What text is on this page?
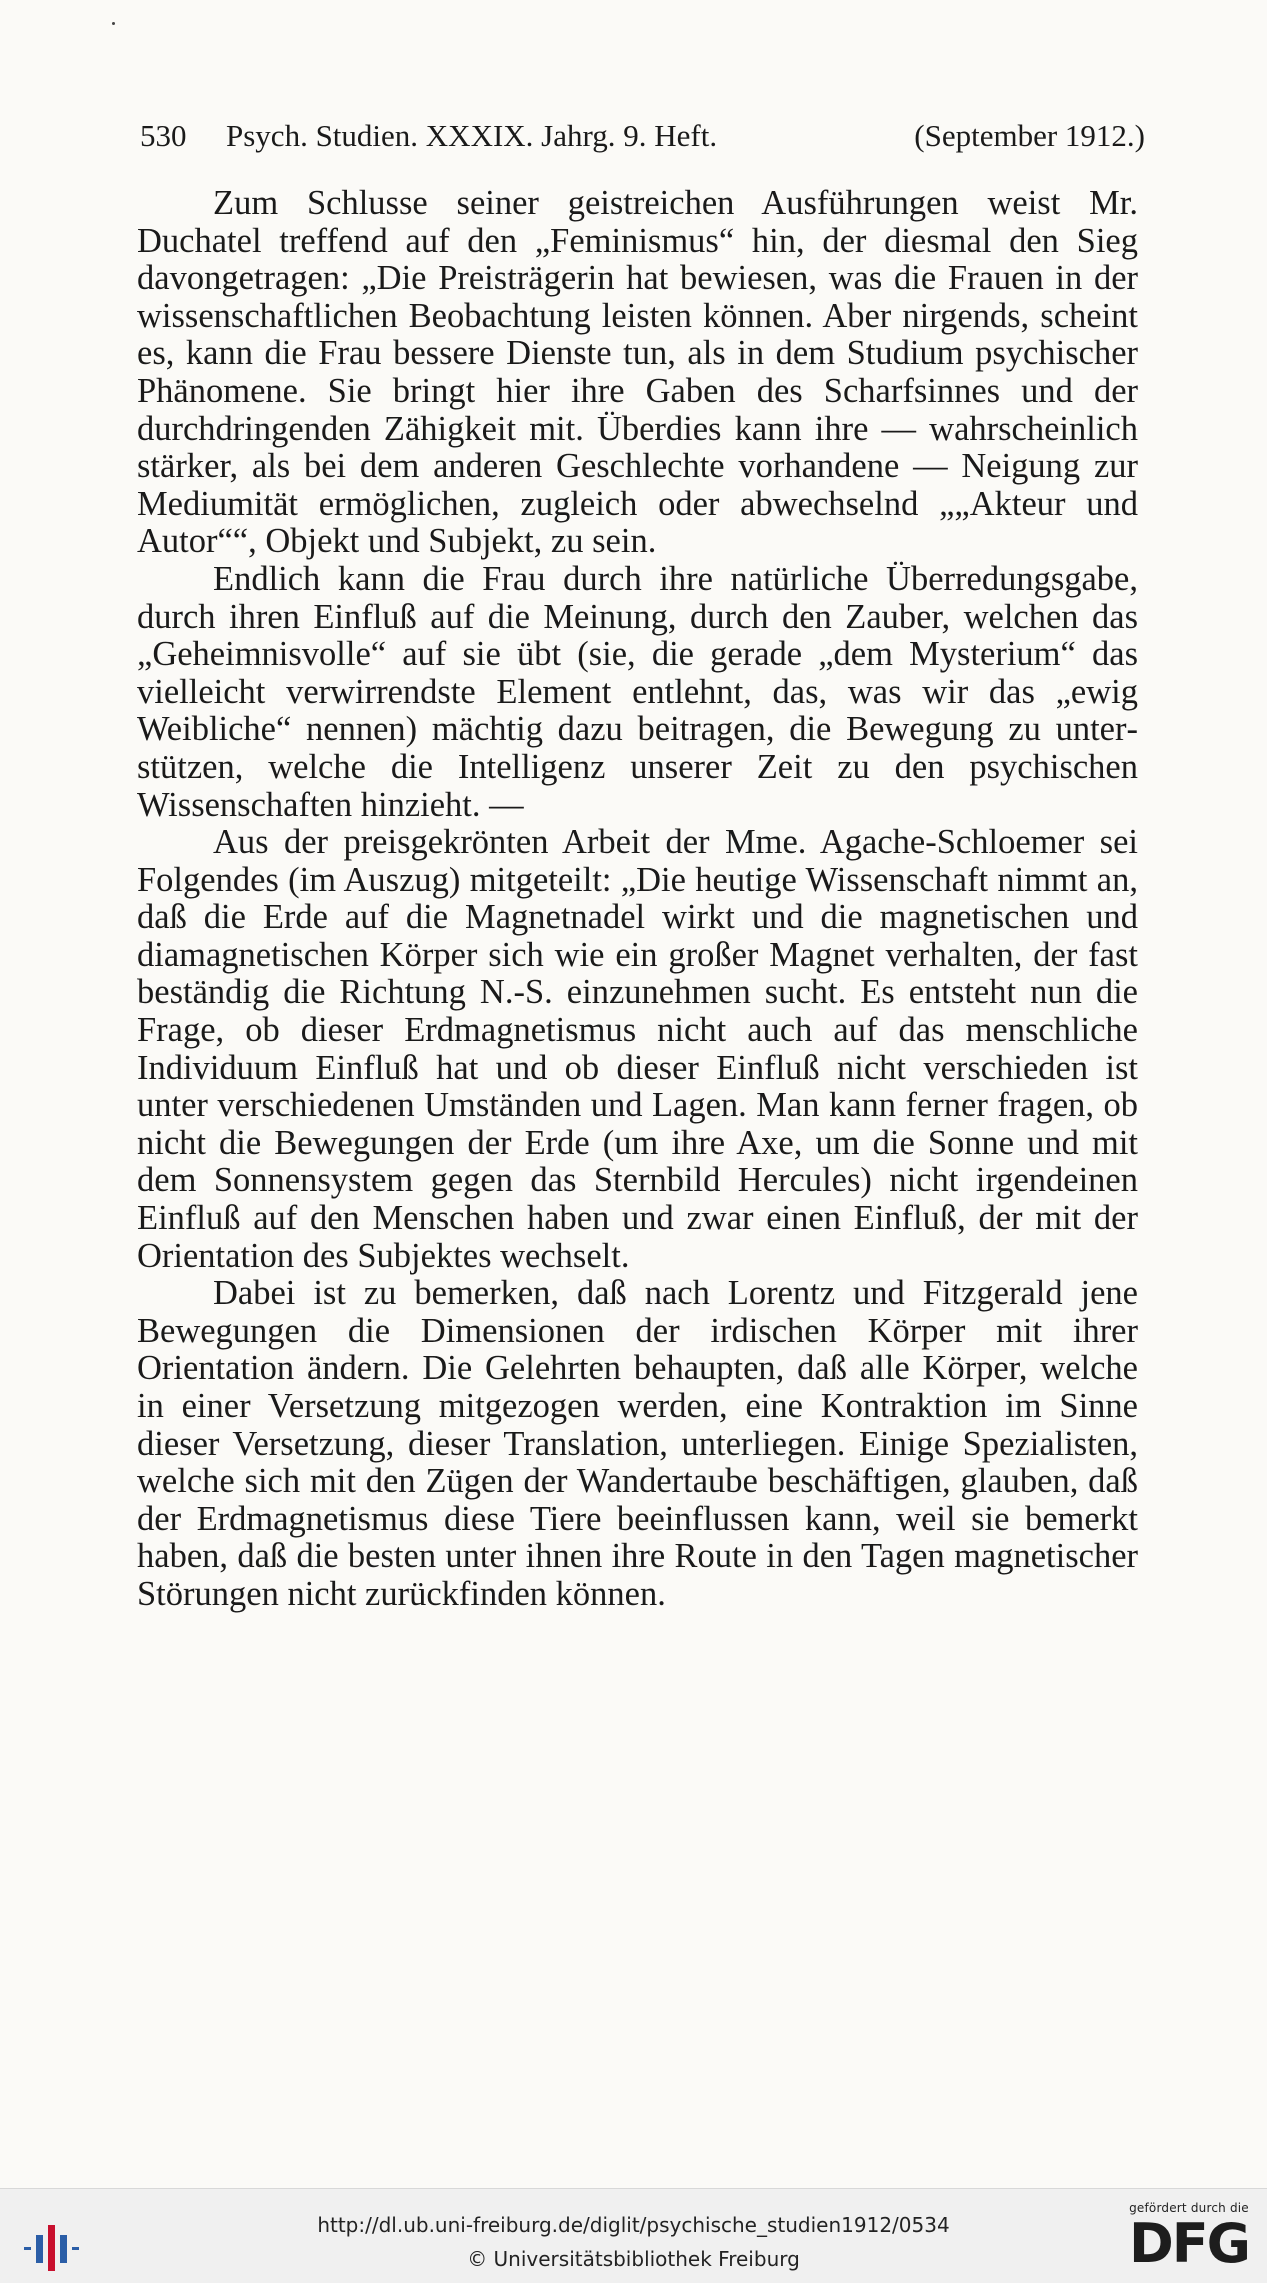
530	Psych. Studien. XXXIX. Jahrg. 9. Heft.	(September 1912.)

Zum Schlusse seiner geistreichen Ausführungen weist Mr. Duchatel treffend auf den „Feminismus“ hin, der diesmal den Sieg davongetragen: „Die Preisträgerin hat bewiesen, was die Frauen in der wissenschaftlichen Beobachtung leisten können. Aber nirgends, scheint es, kann die Frau bessere Dienste tun, als in dem Studium psychischer Phänomene. Sie bringt hier ihre Gaben des Scharfsinnes und der durchdringenden Zähigkeit mit. Überdies kann ihre — wahrscheinlich stärker, als bei dem anderen Geschlechte vorhandene — Neigung zur Mediumität ermöglichen, zugleich oder abwechselnd „„Akteur und Autor““, Objekt und Subjekt, zu sein.

Endlich kann die Frau durch ihre natürliche Überredungsgabe, durch ihren Einfluß auf die Meinung, durch den Zauber, welchen das „Geheimnisvolle“ auf sie übt (sie, die gerade „dem Mysterium“ das vielleicht verwirrendste Element entlehnt, das, was wir das „ewig Weibliche“ nennen) mächtig dazu beitragen, die Bewegung zu unterstützen, welche die Intelligenz unserer Zeit zu den psychischen Wissenschaften hinzieht. —

Aus der preisgekrönten Arbeit der Mme. Agache-Schloemer sei Folgendes (im Auszug) mitgeteilt: „Die heutige Wissenschaft nimmt an, daß die Erde auf die Magnetnadel wirkt und die magnetischen und diamagnetischen Körper sich wie ein großer Magnet verhalten, der fast beständig die Richtung N.-S. einzunehmen sucht. Es entsteht nun die Frage, ob dieser Erdmagnetismus nicht auch auf das menschliche Individuum Einfluß hat und ob dieser Einfluß nicht verschieden ist unter verschiedenen Umständen und Lagen. Man kann ferner fragen, ob nicht die Bewegungen der Erde (um ihre Axe, um die Sonne und mit dem Sonnensystem gegen das Sternbild Hercules) nicht irgendeinen Einfluß auf den Menschen haben und zwar einen Einfluß, der mit der Orientation des Subjektes wechselt.

Dabei ist zu bemerken, daß nach Lorentz und Fitzgerald jene Bewegungen die Dimensionen der irdischen Körper mit ihrer Orientation ändern. Die Gelehrten behaupten, daß alle Körper, welche in einer Versetzung mitgezogen werden, eine Kontraktion im Sinne dieser Versetzung, dieser Translation, unterliegen. Einige Spezialisten, welche sich mit den Zügen der Wandertaube beschäftigen, glauben, daß der Erdmagnetismus diese Tiere beeinflussen kann, weil sie bemerkt haben, daß die besten unter ihnen ihre Route in den Tagen magnetischer Störungen nicht zurückfinden können.

http://dl.ub.uni-freiburg.de/diglit/psychische_studien1912/0534
© Universitätsbibliothek Freiburg
gefördert durch die
DFG
